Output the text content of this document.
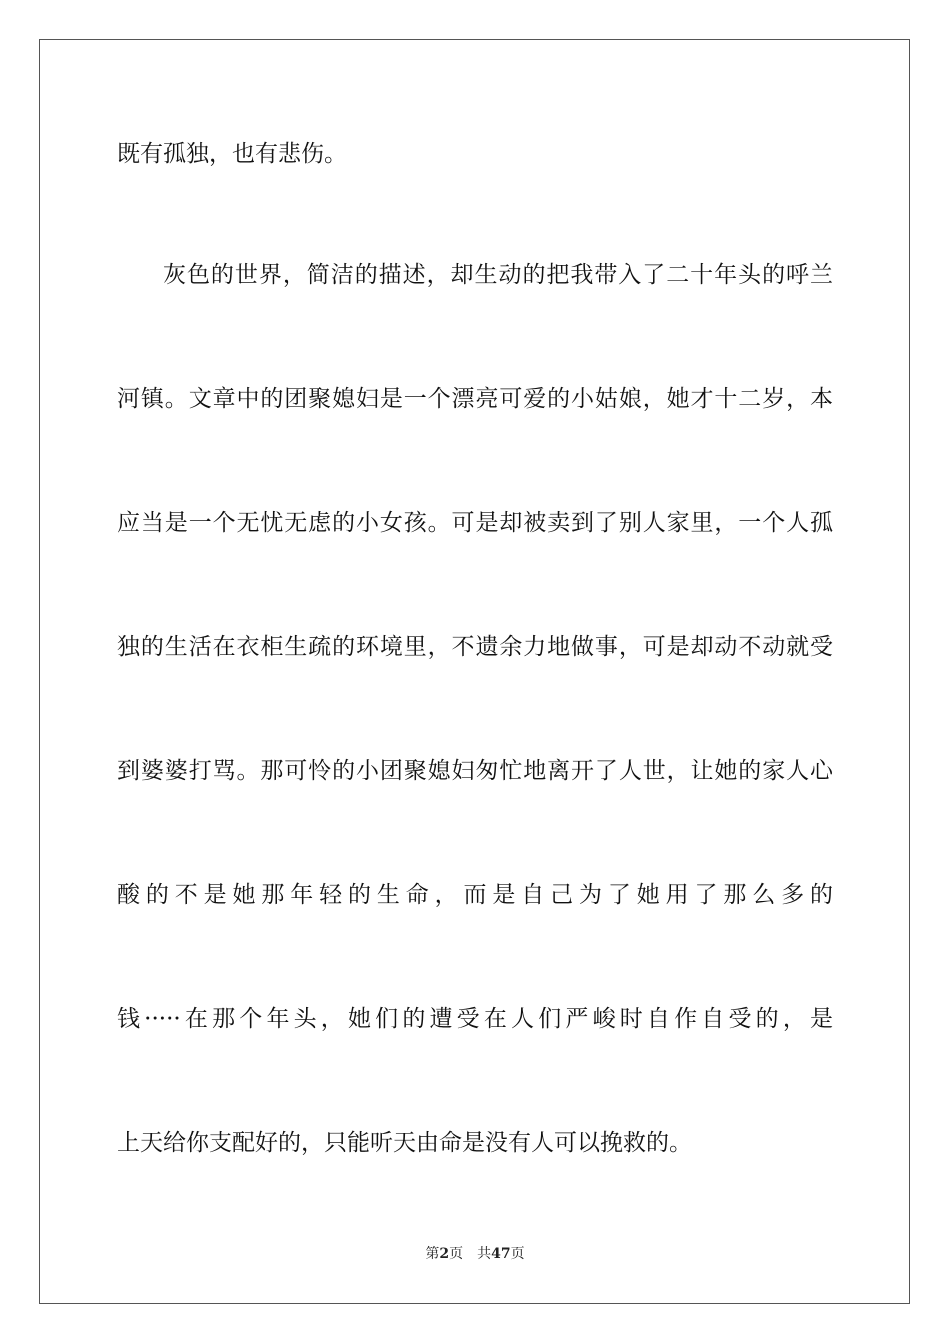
既有孤独，也有悲伤。
灰色的世界，简洁的描述，却生动的把我带入了二十年头的呼兰
河镇。文章中的团聚媳妇是一个漂亮可爱的小姑娘，她才十二岁，本
应当是一个无忧无虑的小女孩。可是却被卖到了别人家里，一个人孤
独的生活在衣柜生疏的环境里，不遗余力地做事，可是却动不动就受
到婆婆打骂。那可怜的小团聚媳妇匆忙地离开了人世，让她的家人心
酸的不是她那年轻的生命，而是自己为了她用了那么多的
钱·····在那个年头，她们的遭受在人们严峻时自作自受的，是
上天给你支配好的，只能听天由命是没有人可以挽救的。
第2页 共47页
